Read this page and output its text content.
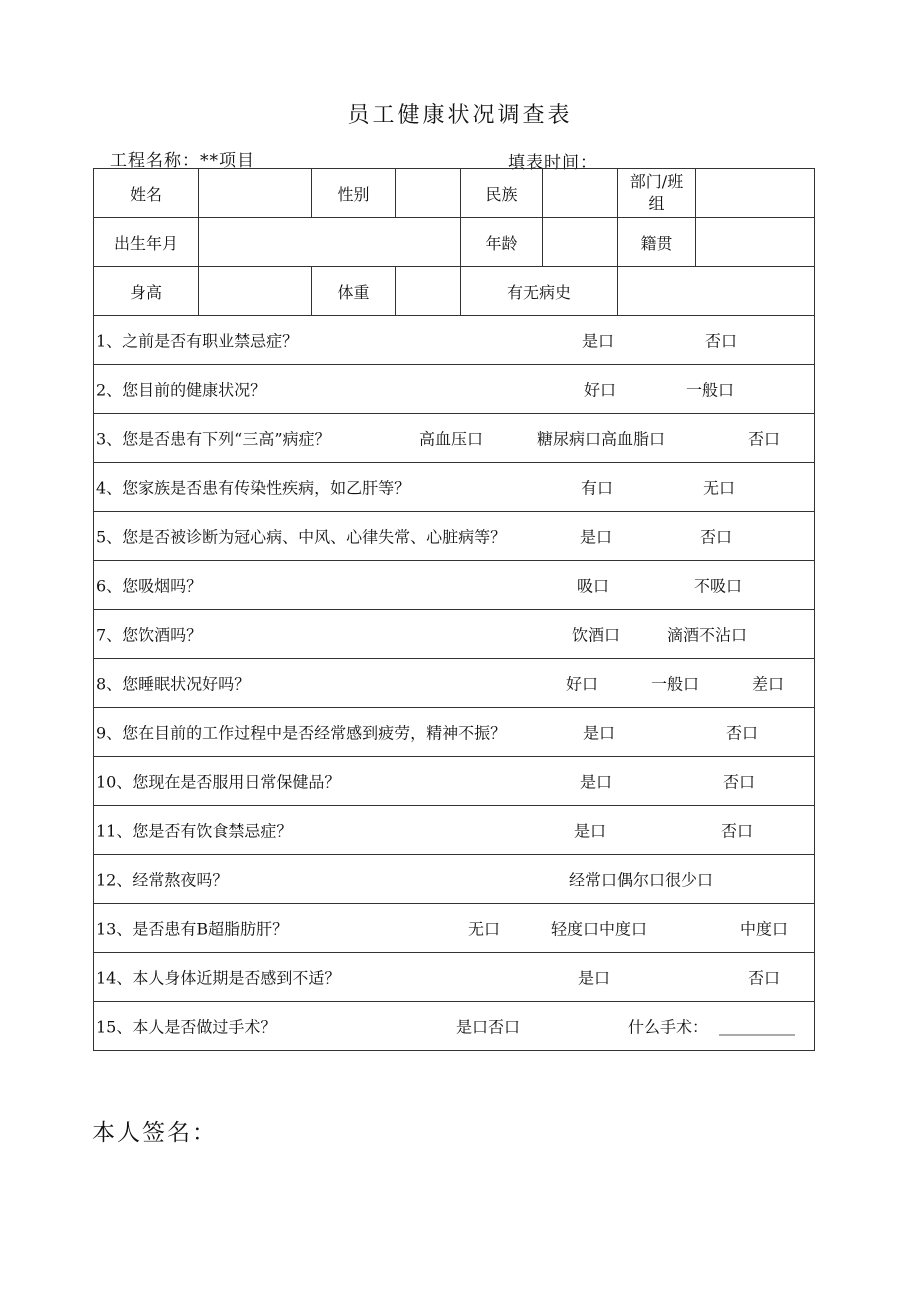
员工健康状况调查表
工程名称：**项目	填表时间：
姓名		性别		民族		部门/班组	
出生年月				年龄		籍贯	
身高		体重		有无病史			

1、之前是否有职业禁忌症？ 是口 否口							

2、您目前的健康状况？ 好口 一般口							

3、您是否患有下列“三高”病症？ 高血压口 糖尿病口高血脂口 否口							

4、您家族是否患有传染性疾病，如乙肝等？ 有口 无口							

5、您是否被诊断为冠心病、中风、心律失常、心脏病等？ 是口 否口							

6、您吸烟吗？ 吸口 不吸口							

7、您饮酒吗？ 饮酒口 滴酒不沾口							

8、您睡眠状况好吗？ 好口 一般口 差口							

9、您在目前的工作过程中是否经常感到疲劳，精神不振？ 是口 否口							

10、您现在是否服用日常保健品？ 是口 否口							

11、您是否有饮食禁忌症？ 是口 否口							

12、经常熬夜吗？ 经常口偶尔口很少口							

13、是否患有B超脂肪肝？ 无口 轻度口中度口 中度口							

14、本人身体近期是否感到不适？ 是口 否口							

15、本人是否做过手术？ 是口否口 什么手术：							
本人签名：
